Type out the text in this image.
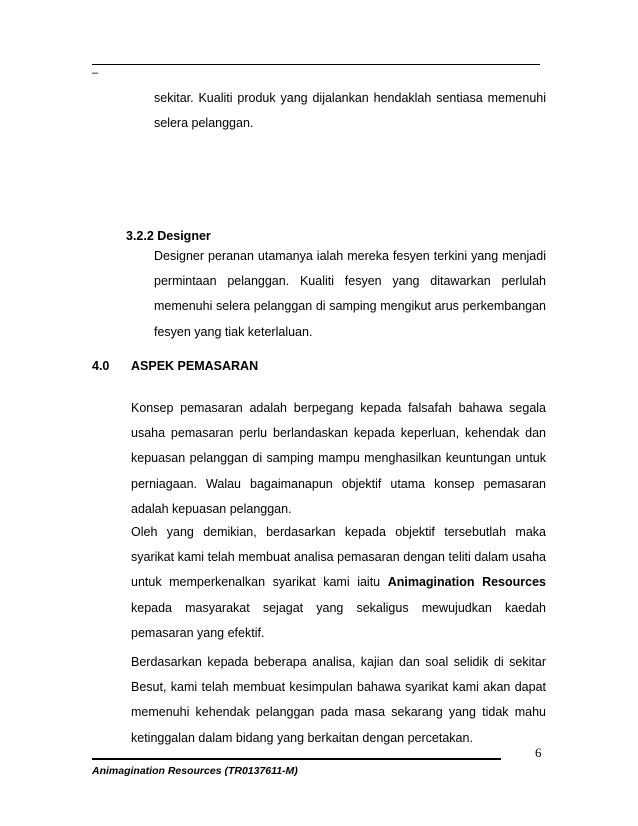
–

sekitar. Kualiti produk yang dijalankan hendaklah sentiasa memenuhi selera pelanggan.

3.2.2 Designer

Designer peranan utamanya ialah mereka fesyen terkini yang menjadi permintaan pelanggan. Kualiti fesyen yang ditawarkan perlulah memenuhi selera pelanggan di samping mengikut arus perkembangan fesyen yang tiak keterlaluan.

4.0 ASPEK PEMASARAN

Konsep pemasaran adalah berpegang kepada falsafah bahawa segala usaha pemasaran perlu berlandaskan kepada keperluan, kehendak dan kepuasan pelanggan di samping mampu menghasilkan keuntungan untuk perniagaan. Walau bagaimanapun objektif utama konsep pemasaran adalah kepuasan pelanggan.

Oleh yang demikian, berdasarkan kepada objektif tersebutlah maka syarikat kami telah membuat analisa pemasaran dengan teliti dalam usaha untuk memperkenalkan syarikat kami iaitu Animagination Resources kepada masyarakat sejagat yang sekaligus mewujudkan kaedah pemasaran yang efektif.

Berdasarkan kepada beberapa analisa, kajian dan soal selidik di sekitar Besut, kami telah membuat kesimpulan bahawa syarikat kami akan dapat memenuhi kehendak pelanggan pada masa sekarang yang tidak mahu ketinggalan dalam bidang yang berkaitan dengan percetakan.

6
Animagination Resources (TR0137611-M)
